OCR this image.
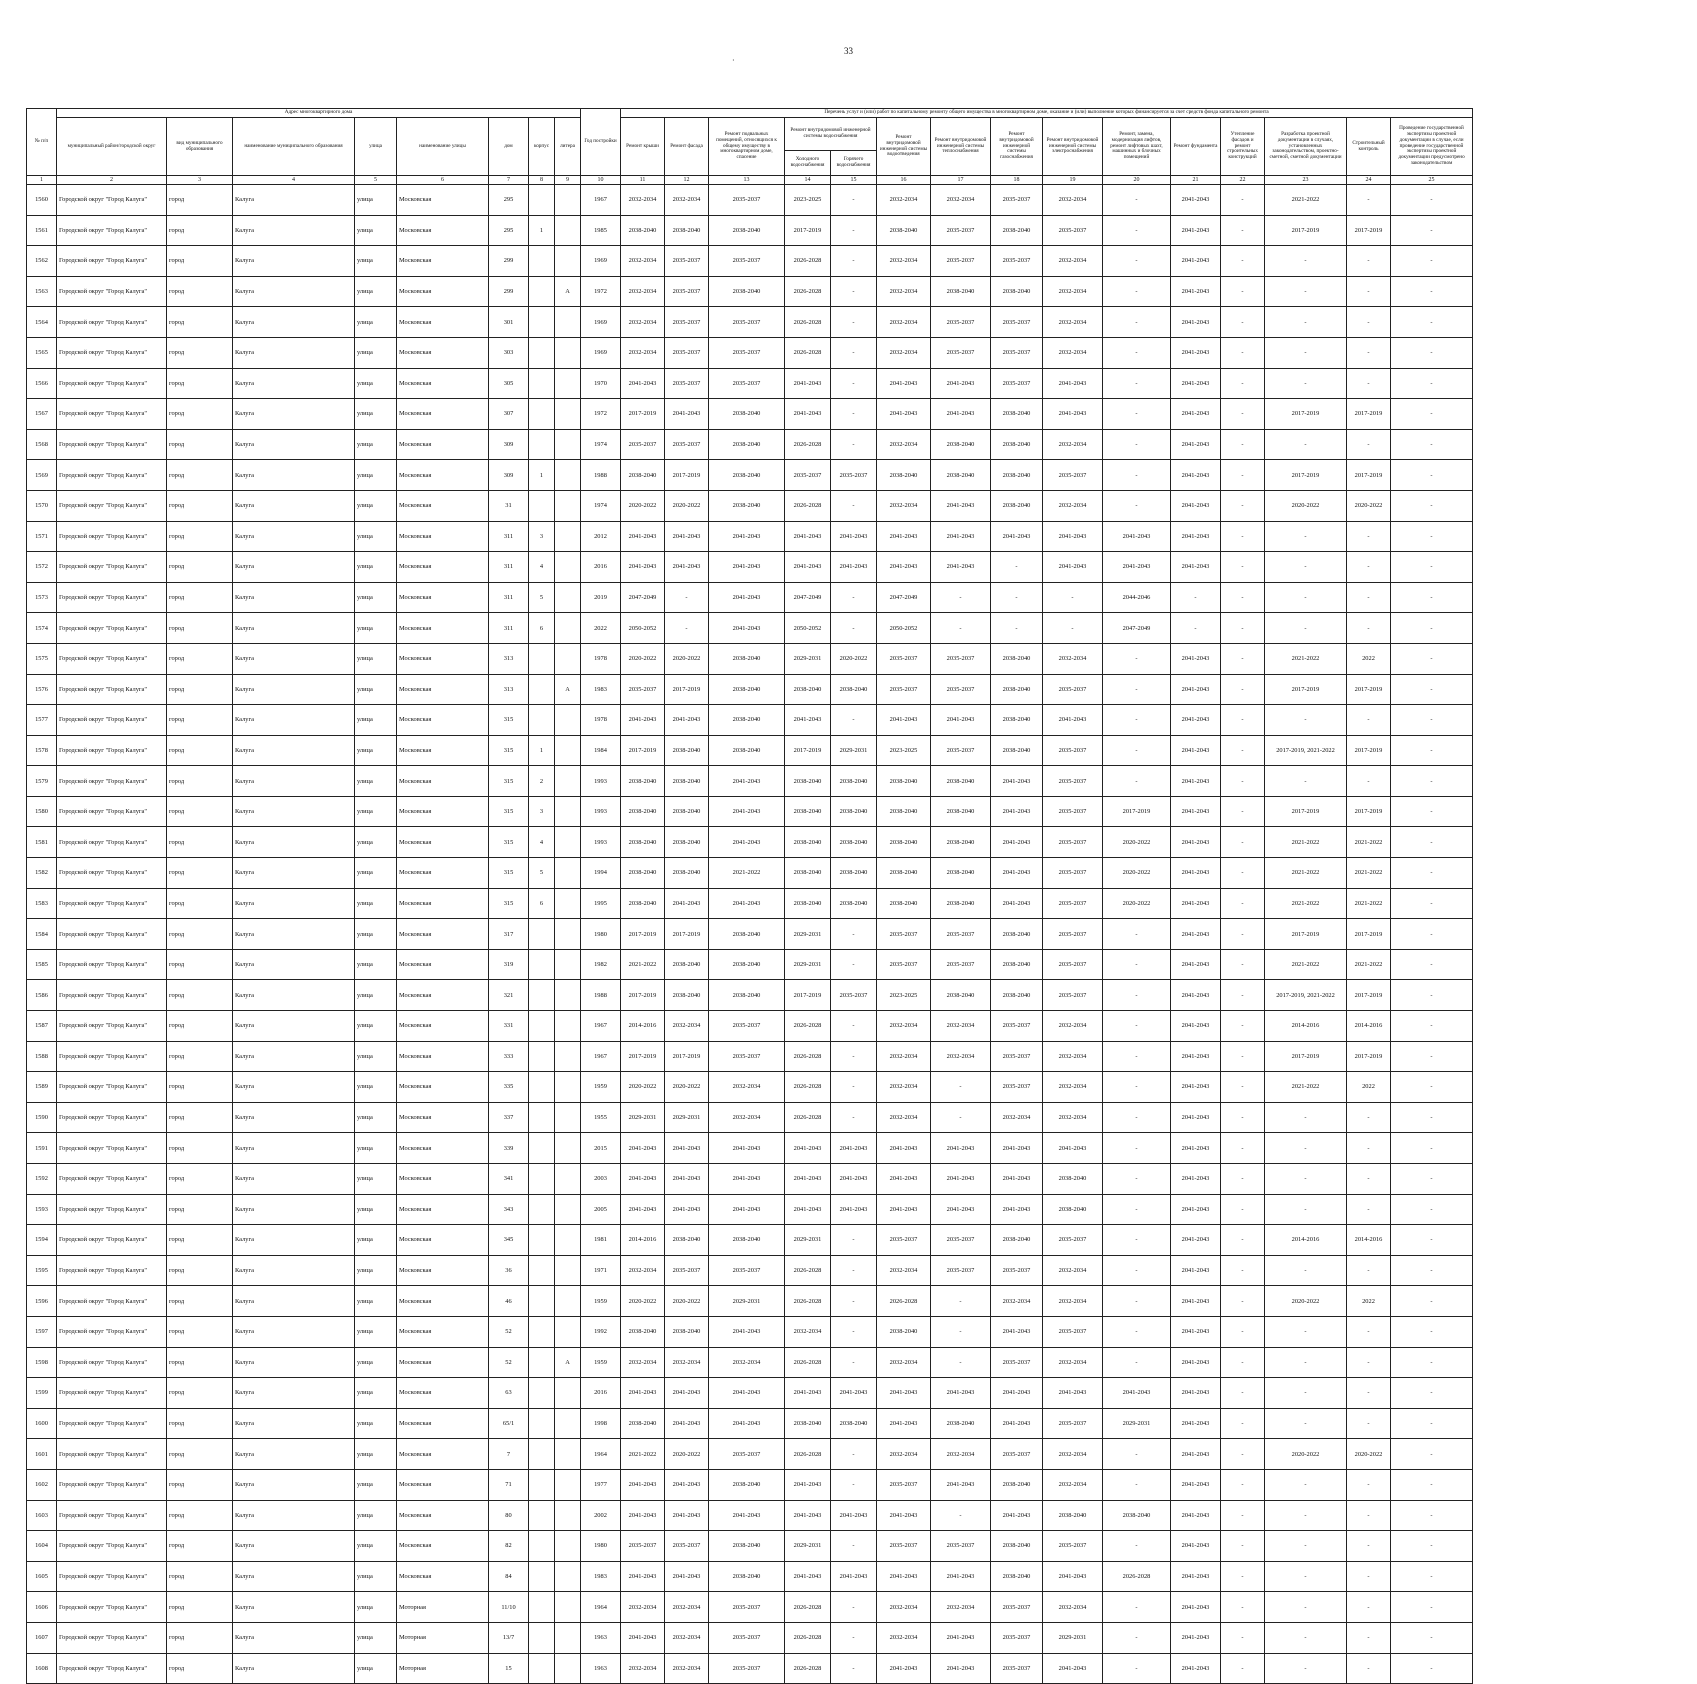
33
·
№ п/п	Адрес многоквартирного дома								Год постройки	Перечень услуг и (или) работ по капитальному ремонту общего имущества в многоквартирном доме, оказание и (или) выполнение которых финансируется за счет средств фонда капитального ремонта														
	муниципальный район/городской округ	вид муниципального образования	наименование муниципального образования	улица	наименование улицы	дом	корпус	литера		Ремонт крыши	Ремонт фасада	Ремонт подвальных помещений, относящихся к общему имуществу в многоквартирном доме, спасение	Ремонт внутридомовой инженерной системы водоснабжения		Ремонт внутридомовой инженерной системы водоотведения	Ремонт внутридомовой инженерной системы теплоснабжения	Ремонт внутридомовой инженерной системы газоснабжения	Ремонт внутридомовой инженерной системы электроснабжения	Ремонт, замена, модернизация лифтов, ремонт лифтовых шахт, машинных и блочных помещений	Ремонт фундамента	Утепление фасадов и ремонт строительных конструкций	Разработка проектной документации в случаях, установленных законодательством, проектно-сметной, сметной документации	Строительный контроль	Проведение государственной экспертизы проектной документации в случае, если проведение государственной экспертизы проектной документации предусмотрено законодательством
													Холодного водоснабжения	Горячего водоснабжения										
1	2	3	4	5	6	7	8	9	10	11	12	13	14	15	16	17	18	19	20	21	22	23	24	25
1560	Городской округ "Город Калуга"	город	Калуга	улица	Московская	295			1967	2032-2034	2032-2034	2035-2037	2023-2025	-	2032-2034	2032-2034	2035-2037	2032-2034	-	2041-2043	-	2021-2022	-	-
1561	Городской округ "Город Калуга"	город	Калуга	улица	Московская	295	1		1985	2038-2040	2038-2040	2038-2040	2017-2019	-	2038-2040	2035-2037	2038-2040	2035-2037	-	2041-2043	-	2017-2019	2017-2019	-
1562	Городской округ "Город Калуга"	город	Калуга	улица	Московская	299			1969	2032-2034	2035-2037	2035-2037	2026-2028	-	2032-2034	2035-2037	2035-2037	2032-2034	-	2041-2043	-	-	-	-
1563	Городской округ "Город Калуга"	город	Калуга	улица	Московская	299		А	1972	2032-2034	2035-2037	2038-2040	2026-2028	-	2032-2034	2038-2040	2038-2040	2032-2034	-	2041-2043	-	-	-	-
1564	Городской округ "Город Калуга"	город	Калуга	улица	Московская	301			1969	2032-2034	2035-2037	2035-2037	2026-2028	-	2032-2034	2035-2037	2035-2037	2032-2034	-	2041-2043	-	-	-	-
1565	Городской округ "Город Калуга"	город	Калуга	улица	Московская	303			1969	2032-2034	2035-2037	2035-2037	2026-2028	-	2032-2034	2035-2037	2035-2037	2032-2034	-	2041-2043	-	-	-	-
1566	Городской округ "Город Калуга"	город	Калуга	улица	Московская	305			1970	2041-2043	2035-2037	2035-2037	2041-2043	-	2041-2043	2041-2043	2035-2037	2041-2043	-	2041-2043	-	-	-	-
1567	Городской округ "Город Калуга"	город	Калуга	улица	Московская	307			1972	2017-2019	2041-2043	2038-2040	2041-2043	-	2041-2043	2041-2043	2038-2040	2041-2043	-	2041-2043	-	2017-2019	2017-2019	-
1568	Городской округ "Город Калуга"	город	Калуга	улица	Московская	309			1974	2035-2037	2035-2037	2038-2040	2026-2028	-	2032-2034	2038-2040	2038-2040	2032-2034	-	2041-2043	-	-	-	-
1569	Городской округ "Город Калуга"	город	Калуга	улица	Московская	309	1		1988	2038-2040	2017-2019	2038-2040	2035-2037	2035-2037	2038-2040	2038-2040	2038-2040	2035-2037	-	2041-2043	-	2017-2019	2017-2019	-
1570	Городской округ "Город Калуга"	город	Калуга	улица	Московская	31			1974	2020-2022	2020-2022	2038-2040	2026-2028	-	2032-2034	2041-2043	2038-2040	2032-2034	-	2041-2043	-	2020-2022	2020-2022	-
1571	Городской округ "Город Калуга"	город	Калуга	улица	Московская	311	3		2012	2041-2043	2041-2043	2041-2043	2041-2043	2041-2043	2041-2043	2041-2043	2041-2043	2041-2043	2041-2043	2041-2043	-	-	-	-
1572	Городской округ "Город Калуга"	город	Калуга	улица	Московская	311	4		2016	2041-2043	2041-2043	2041-2043	2041-2043	2041-2043	2041-2043	2041-2043	-	2041-2043	2041-2043	2041-2043	-	-	-	-
1573	Городской округ "Город Калуга"	город	Калуга	улица	Московская	311	5		2019	2047-2049	-	2041-2043	2047-2049	-	2047-2049	-	-	-	2044-2046	-	-	-	-	-
1574	Городской округ "Город Калуга"	город	Калуга	улица	Московская	311	6		2022	2050-2052	-	2041-2043	2050-2052	-	2050-2052	-	-	-	2047-2049	-	-	-	-	-
1575	Городской округ "Город Калуга"	город	Калуга	улица	Московская	313			1978	2020-2022	2020-2022	2038-2040	2029-2031	2020-2022	2035-2037	2035-2037	2038-2040	2032-2034	-	2041-2043	-	2021-2022	2022	-
1576	Городской округ "Город Калуга"	город	Калуга	улица	Московская	313		А	1983	2035-2037	2017-2019	2038-2040	2038-2040	2038-2040	2035-2037	2035-2037	2038-2040	2035-2037	-	2041-2043	-	2017-2019	2017-2019	-
1577	Городской округ "Город Калуга"	город	Калуга	улица	Московская	315			1978	2041-2043	2041-2043	2038-2040	2041-2043	-	2041-2043	2041-2043	2038-2040	2041-2043	-	2041-2043	-	-	-	-
1578	Городской округ "Город Калуга"	город	Калуга	улица	Московская	315	1		1984	2017-2019	2038-2040	2038-2040	2017-2019	2029-2031	2023-2025	2035-2037	2038-2040	2035-2037	-	2041-2043	-	2017-2019, 2021-2022	2017-2019	-
1579	Городской округ "Город Калуга"	город	Калуга	улица	Московская	315	2		1993	2038-2040	2038-2040	2041-2043	2038-2040	2038-2040	2038-2040	2038-2040	2041-2043	2035-2037	-	2041-2043	-	-	-	-
1580	Городской округ "Город Калуга"	город	Калуга	улица	Московская	315	3		1993	2038-2040	2038-2040	2041-2043	2038-2040	2038-2040	2038-2040	2038-2040	2041-2043	2035-2037	2017-2019	2041-2043	-	2017-2019	2017-2019	-
1581	Городской округ "Город Калуга"	город	Калуга	улица	Московская	315	4		1993	2038-2040	2038-2040	2041-2043	2038-2040	2038-2040	2038-2040	2038-2040	2041-2043	2035-2037	2020-2022	2041-2043	-	2021-2022	2021-2022	-
1582	Городской округ "Город Калуга"	город	Калуга	улица	Московская	315	5		1994	2038-2040	2038-2040	2021-2022	2038-2040	2038-2040	2038-2040	2038-2040	2041-2043	2035-2037	2020-2022	2041-2043	-	2021-2022	2021-2022	-
1583	Городской округ "Город Калуга"	город	Калуга	улица	Московская	315	6		1995	2038-2040	2041-2043	2041-2043	2038-2040	2038-2040	2038-2040	2038-2040	2041-2043	2035-2037	2020-2022	2041-2043	-	2021-2022	2021-2022	-
1584	Городской округ "Город Калуга"	город	Калуга	улица	Московская	317			1980	2017-2019	2017-2019	2038-2040	2029-2031	-	2035-2037	2035-2037	2038-2040	2035-2037	-	2041-2043	-	2017-2019	2017-2019	-
1585	Городской округ "Город Калуга"	город	Калуга	улица	Московская	319			1982	2021-2022	2038-2040	2038-2040	2029-2031	-	2035-2037	2035-2037	2038-2040	2035-2037	-	2041-2043	-	2021-2022	2021-2022	-
1586	Городской округ "Город Калуга"	город	Калуга	улица	Московская	321			1988	2017-2019	2038-2040	2038-2040	2017-2019	2035-2037	2023-2025	2038-2040	2038-2040	2035-2037	-	2041-2043	-	2017-2019, 2021-2022	2017-2019	-
1587	Городской округ "Город Калуга"	город	Калуга	улица	Московская	331			1967	2014-2016	2032-2034	2035-2037	2026-2028	-	2032-2034	2032-2034	2035-2037	2032-2034	-	2041-2043	-	2014-2016	2014-2016	-
1588	Городской округ "Город Калуга"	город	Калуга	улица	Московская	333			1967	2017-2019	2017-2019	2035-2037	2026-2028	-	2032-2034	2032-2034	2035-2037	2032-2034	-	2041-2043	-	2017-2019	2017-2019	-
1589	Городской округ "Город Калуга"	город	Калуга	улица	Московская	335			1959	2020-2022	2020-2022	2032-2034	2026-2028	-	2032-2034	-	2035-2037	2032-2034	-	2041-2043	-	2021-2022	2022	-
1590	Городской округ "Город Калуга"	город	Калуга	улица	Московская	337			1955	2029-2031	2029-2031	2032-2034	2026-2028	-	2032-2034	-	2032-2034	2032-2034	-	2041-2043	-	-	-	-
1591	Городской округ "Город Калуга"	город	Калуга	улица	Московская	339			2015	2041-2043	2041-2043	2041-2043	2041-2043	2041-2043	2041-2043	2041-2043	2041-2043	2041-2043	-	2041-2043	-	-	-	-
1592	Городской округ "Город Калуга"	город	Калуга	улица	Московская	341			2003	2041-2043	2041-2043	2041-2043	2041-2043	2041-2043	2041-2043	2041-2043	2041-2043	2038-2040	-	2041-2043	-	-	-	-
1593	Городской округ "Город Калуга"	город	Калуга	улица	Московская	343			2005	2041-2043	2041-2043	2041-2043	2041-2043	2041-2043	2041-2043	2041-2043	2041-2043	2038-2040	-	2041-2043	-	-	-	-
1594	Городской округ "Город Калуга"	город	Калуга	улица	Московская	345			1981	2014-2016	2038-2040	2038-2040	2029-2031	-	2035-2037	2035-2037	2038-2040	2035-2037	-	2041-2043	-	2014-2016	2014-2016	-
1595	Городской округ "Город Калуга"	город	Калуга	улица	Московская	36			1971	2032-2034	2035-2037	2035-2037	2026-2028	-	2032-2034	2035-2037	2035-2037	2032-2034	-	2041-2043	-	-	-	-
1596	Городской округ "Город Калуга"	город	Калуга	улица	Московская	46			1959	2020-2022	2020-2022	2029-2031	2026-2028	-	2026-2028	-	2032-2034	2032-2034	-	2041-2043	-	2020-2022	2022	-
1597	Городской округ "Город Калуга"	город	Калуга	улица	Московская	52			1992	2038-2040	2038-2040	2041-2043	2032-2034	-	2038-2040	-	2041-2043	2035-2037	-	2041-2043	-	-	-	-
1598	Городской округ "Город Калуга"	город	Калуга	улица	Московская	52		А	1959	2032-2034	2032-2034	2032-2034	2026-2028	-	2032-2034	-	2035-2037	2032-2034	-	2041-2043	-	-	-	-
1599	Городской округ "Город Калуга"	город	Калуга	улица	Московская	63			2016	2041-2043	2041-2043	2041-2043	2041-2043	2041-2043	2041-2043	2041-2043	2041-2043	2041-2043	2041-2043	2041-2043	-	-	-	-
1600	Городской округ "Город Калуга"	город	Калуга	улица	Московская	65/1			1998	2038-2040	2041-2043	2041-2043	2038-2040	2038-2040	2041-2043	2038-2040	2041-2043	2035-2037	2029-2031	2041-2043	-	-	-	-
1601	Городской округ "Город Калуга"	город	Калуга	улица	Московская	7			1964	2021-2022	2020-2022	2035-2037	2026-2028	-	2032-2034	2032-2034	2035-2037	2032-2034	-	2041-2043	-	2020-2022	2020-2022	-
1602	Городской округ "Город Калуга"	город	Калуга	улица	Московская	71			1977	2041-2043	2041-2043	2038-2040	2041-2043	-	2035-2037	2041-2043	2038-2040	2032-2034	-	2041-2043	-	-	-	-
1603	Городской округ "Город Калуга"	город	Калуга	улица	Московская	80			2002	2041-2043	2041-2043	2041-2043	2041-2043	2041-2043	2041-2043	-	2041-2043	2038-2040	2038-2040	2041-2043	-	-	-	-
1604	Городской округ "Город Калуга"	город	Калуга	улица	Московская	82			1980	2035-2037	2035-2037	2038-2040	2029-2031	-	2035-2037	2035-2037	2038-2040	2035-2037	-	2041-2043	-	-	-	-
1605	Городской округ "Город Калуга"	город	Калуга	улица	Московская	84			1983	2041-2043	2041-2043	2038-2040	2041-2043	2041-2043	2041-2043	2041-2043	2038-2040	2041-2043	2026-2028	2041-2043	-	-	-	-
1606	Городской округ "Город Калуга"	город	Калуга	улица	Моторная	11/10			1964	2032-2034	2032-2034	2035-2037	2026-2028	-	2032-2034	2032-2034	2035-2037	2032-2034	-	2041-2043	-	-	-	-
1607	Городской округ "Город Калуга"	город	Калуга	улица	Моторная	13/7			1963	2041-2043	2032-2034	2035-2037	2026-2028	-	2032-2034	2041-2043	2035-2037	2029-2031	-	2041-2043	-	-	-	-
1608	Городской округ "Город Калуга"	город	Калуга	улица	Моторная	15			1963	2032-2034	2032-2034	2035-2037	2026-2028	-	2041-2043	2041-2043	2035-2037	2041-2043	-	2041-2043	-	-	-	-
